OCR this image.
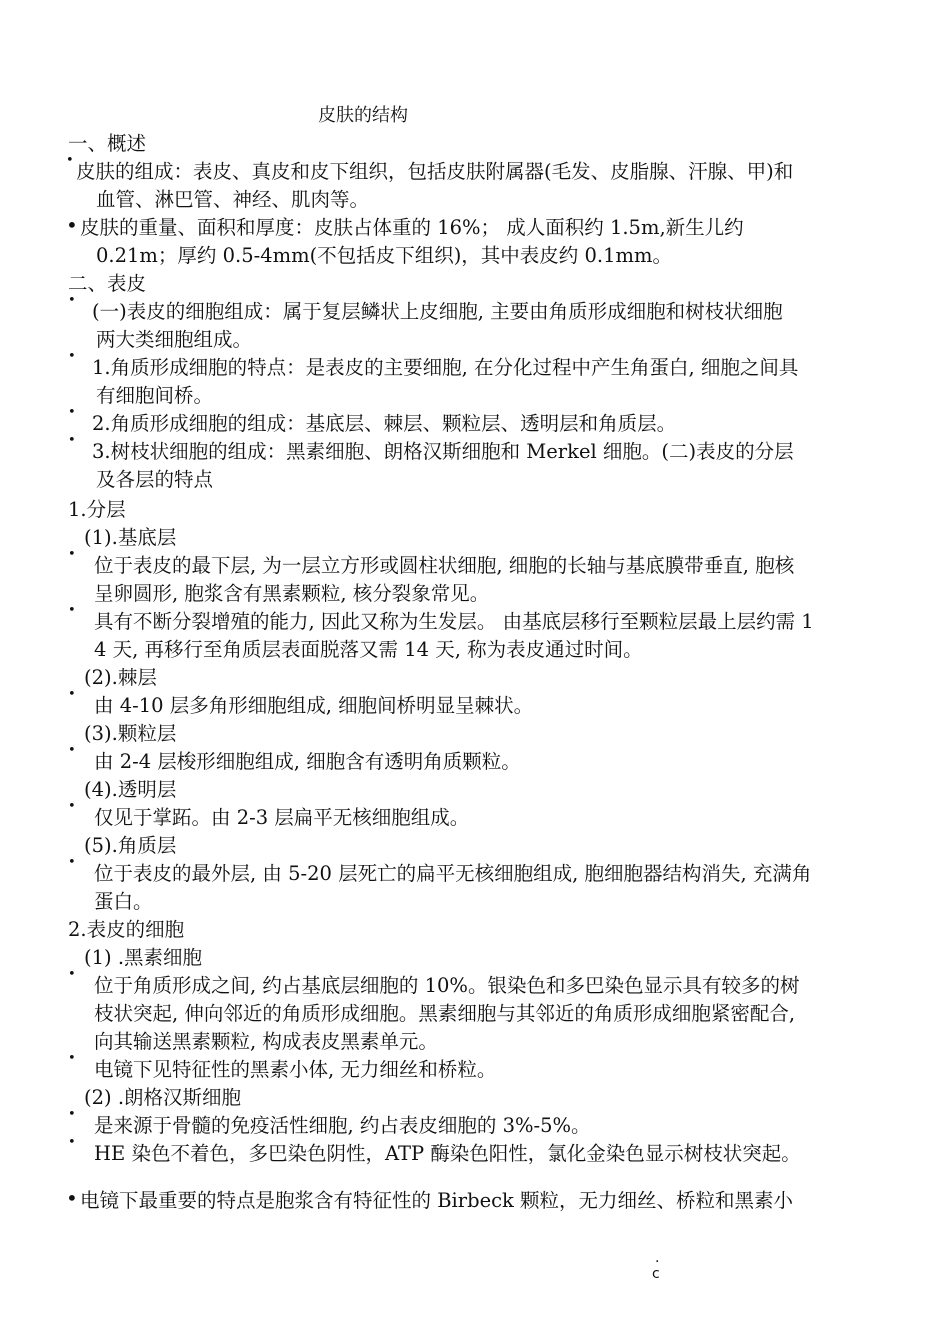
皮肤的结构
一、概述
• 皮肤的组成：表皮、真皮和皮下组织，包括皮肤附属器(毛发、皮脂腺、汗腺、甲)和
血管、淋巴管、神经、肌肉等。
• 皮肤的重量、面积和厚度：皮肤占体重的 16%； 成人面积约 1.5m,新生儿约
0.21m；厚约 0.5-4mm(不包括皮下组织)，其中表皮约 0.1mm。
二、表皮
• (一)表皮的细胞组成：属于复层鳞状上皮细胞, 主要由角质形成细胞和树枝状细胞
两大类细胞组成。
• 1.角质形成细胞的特点：是表皮的主要细胞, 在分化过程中产生角蛋白, 细胞之间具
有细胞间桥。
• 2.角质形成细胞的组成：基底层、棘层、颗粒层、透明层和角质层。
• 3.树枝状细胞的组成：黑素细胞、朗格汉斯细胞和 Merkel 细胞。(二)表皮的分层
及各层的特点
1.分层
(1).基底层
• 位于表皮的最下层, 为一层立方形或圆柱状细胞, 细胞的长轴与基底膜带垂直, 胞核
呈卵圆形, 胞浆含有黑素颗粒, 核分裂象常见。
• 具有不断分裂增殖的能力, 因此又称为生发层。 由基底层移行至颗粒层最上层约需 1
4 天, 再移行至角质层表面脱落又需 14 天, 称为表皮通过时间。
(2).棘层
• 由 4-10 层多角形细胞组成, 细胞间桥明显呈棘状。
(3).颗粒层
• 由 2-4 层梭形细胞组成, 细胞含有透明角质颗粒。
(4).透明层
• 仅见于掌跖。由 2-3 层扁平无核细胞组成。
(5).角质层
• 位于表皮的最外层, 由 5-20 层死亡的扁平无核细胞组成, 胞细胞器结构消失, 充满角
蛋白。
2.表皮的细胞
(1) .黑素细胞
• 位于角质形成之间, 约占基底层细胞的 10%。银染色和多巴染色显示具有较多的树
枝状突起, 伸向邻近的角质形成细胞。黑素细胞与其邻近的角质形成细胞紧密配合,
向其输送黑素颗粒, 构成表皮黑素单元。
• 电镜下见特征性的黑素小体, 无力细丝和桥粒。
(2) .朗格汉斯细胞
• 是来源于骨髓的免疫活性细胞, 约占表皮细胞的 3%-5%。
• HE 染色不着色，多巴染色阴性，ATP 酶染色阳性，氯化金染色显示树枝状突起。
• 电镜下最重要的特点是胞浆含有特征性的 Birbeck 颗粒，无力细丝、桥粒和黑素小
.
c
